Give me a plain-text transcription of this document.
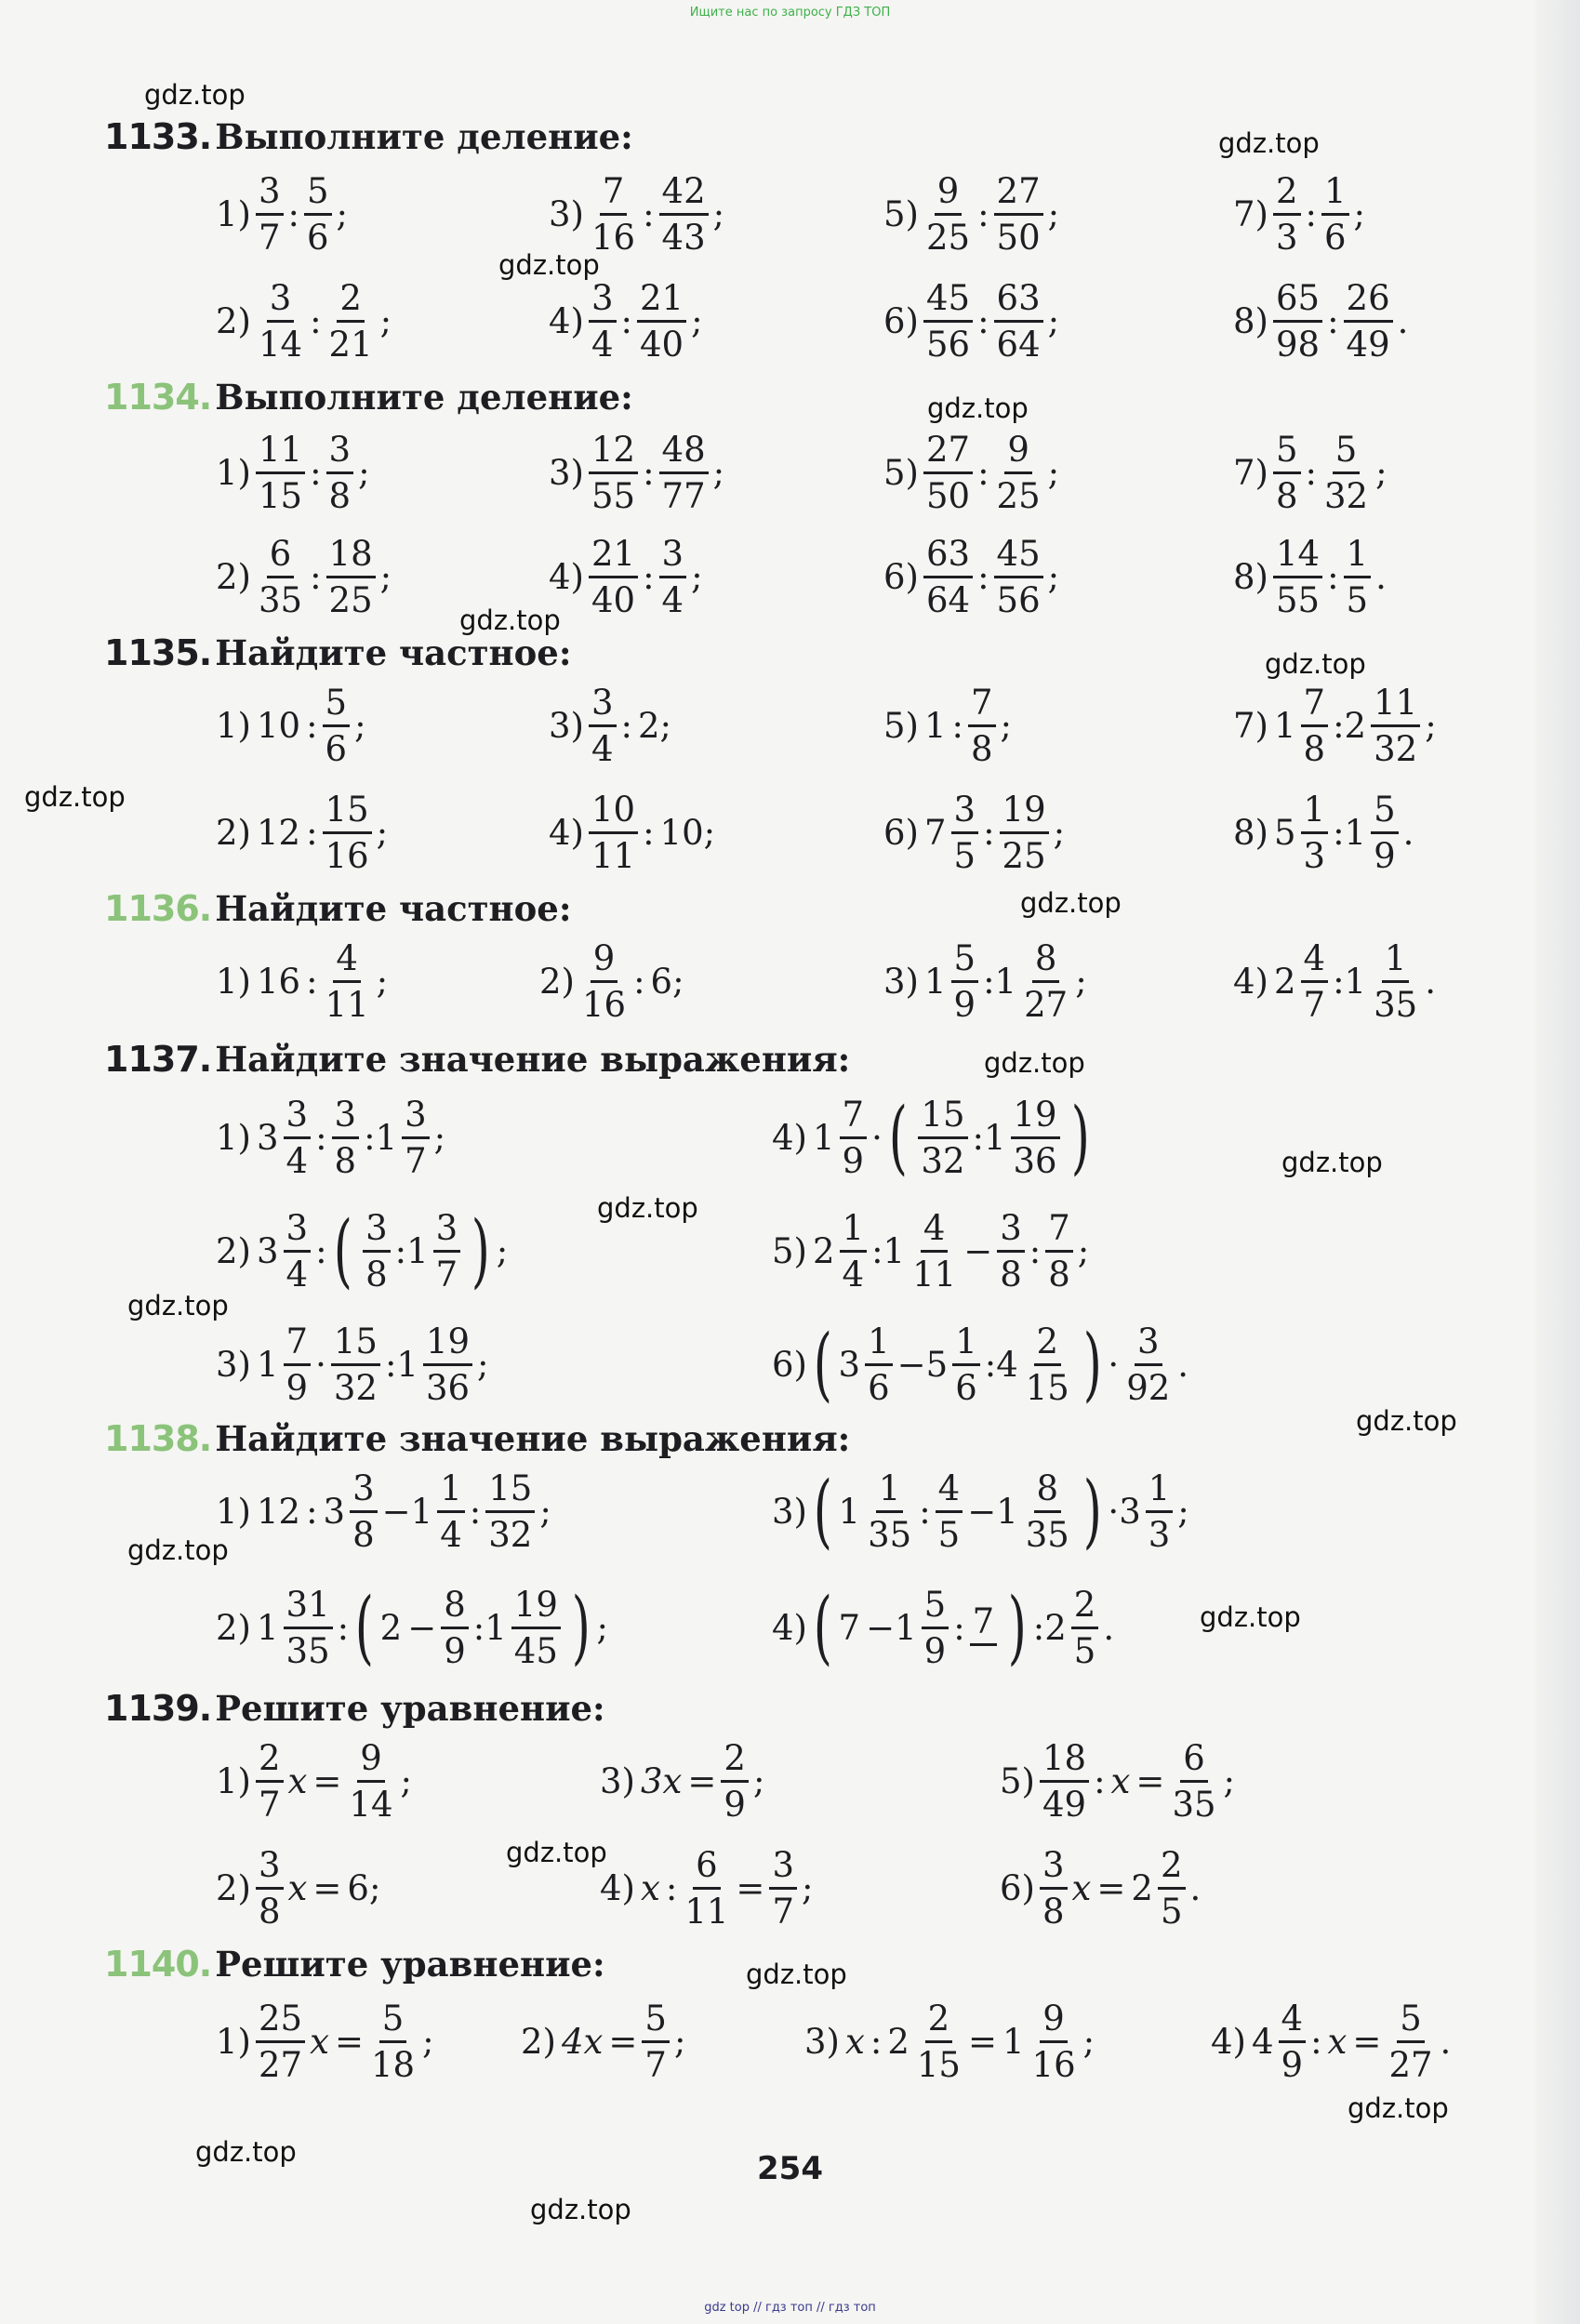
Ищите нас по запросу ГДЗ ТОП
gdz.top
gdz.top
gdz.top
gdz.top
gdz.top
gdz.top
gdz.top
gdz.top
gdz.top
gdz.top
gdz.top
gdz.top
gdz.top
gdz.top
gdz.top
gdz.top
gdz.top
gdz.top
gdz.top
gdz.top
1133. Выполните деление:
$1) \frac{3}{7}$ : $\frac{5}{6}$ ;	$3) \frac{7}{16}$ : $\frac{42}{43}$ ;	$5) \frac{9}{25}$ : $\frac{27}{50}$ ;	$7) \frac{2}{3}$ : $\frac{1}{6}$ ;
$2) \frac{3}{14}$ : $\frac{2}{21}$ ;	$4) \frac{3}{4}$ : $\frac{21}{40}$ ;	$6) \frac{45}{56}$ : $\frac{63}{64}$ ;	$8) \frac{65}{98}$ : $\frac{26}{49}$ .
1134. Выполните деление:
$1) \frac{11}{15}$ : $\frac{3}{8}$ ;	$3) \frac{12}{55}$ : $\frac{48}{77}$ ;	$5) \frac{27}{50}$ : $\frac{9}{25}$ ;	$7) \frac{5}{8}$ : $\frac{5}{32}$ ;
$2) \frac{6}{35}$ : $\frac{18}{25}$ ;	$4) \frac{21}{40}$ : $\frac{3}{4}$ ;	$6) \frac{63}{64}$ : $\frac{45}{56}$ ;	$8) \frac{14}{55}$ : $\frac{1}{5}$ .
1135. Найдите частное:
1) 10 : $\frac{5}{6}$ ;	$3) \frac{3}{4}$ : 2 ;	5) 1 : $\frac{7}{8}$ ;	7) $1 \frac{7}{8}$ : $2 \frac{11}{32}$ ;
2) 12 : $\frac{15}{16}$ ;	$4) \frac{10}{11}$ : 10 ;	6) $7 \frac{3}{5}$ : $\frac{19}{25}$ ;	8) $5 \frac{1}{3}$ : $1 \frac{5}{9}$ .
1136. Найдите частное:
1) 16 : $\frac{4}{11}$ ;	$2) \frac{9}{16}$ : 6 ;	3) $1 \frac{5}{9}$ : $1 \frac{8}{27}$ ;	4) $2 \frac{4}{7}$ : $1 \frac{1}{35}$ .
1137. Найдите значение выражения:
1) $3 \frac{3}{4}$ : $\frac{3}{8}$ : $1 \frac{3}{7}$ ;	4) $1 \frac{7}{9}$ · ( $\frac{15}{32}$ : $1 \frac{19}{36}$ )
2) $3 \frac{3}{4}$ : ( $\frac{3}{8}$ : $1 \frac{3}{7}$ ) ;	5) $2 \frac{1}{4}$ : $1 \frac{4}{11} - \frac{3}{8}$ : $\frac{7}{8}$ ;
3) $1 \frac{7}{9} \cdot \frac{15}{32}$ : $1 \frac{19}{36}$ ;	6) ( $3 \frac{1}{6} - 5 \frac{1}{6}$ : $4 \frac{2}{15}$ ) · $\frac{3}{92}$ .
1138. Найдите значение выражения:
1) 12 : $3 \frac{3}{8} - 1 \frac{1}{4}$ : $\frac{15}{32}$ ;	3) ( $1 \frac{1}{35}$ : $\frac{4}{5} - 1 \frac{8}{35}$ ) · $3 \frac{1}{3}$ ;
2) $1 \frac{31}{35}$ : ( $2 - \frac{8}{9}$ : $1 \frac{19}{45}$ ) ;	4) ( $7 - 1 \frac{5}{9}$ : 7 ) : $2 \frac{2}{5}$ .
1139. Решите уравнение:
$1) \frac{2}{7}$ $x = \frac{9}{14}$ ;	3) $3x = \frac{2}{9}$ ;	$5) \frac{18}{49}$ : $x = \frac{6}{35}$ ;
$2) \frac{3}{8}$ x = 6 ;	4) x : $\frac{6}{11} = \frac{3}{7}$ ;	$6) \frac{3}{8}$ $x = 2 \frac{2}{5}$ .
1140. Решите уравнение:
$1) \frac{25}{27}$ $x = \frac{5}{18}$ ;	2) $4x = \frac{5}{7}$ ;	3) x : $2 \frac{2}{15} = 1 \frac{9}{16}$ ;	4) $4 \frac{4}{9}$ : $x = \frac{5}{27}$ .
254
gdz top // гдз топ // гдз топ
